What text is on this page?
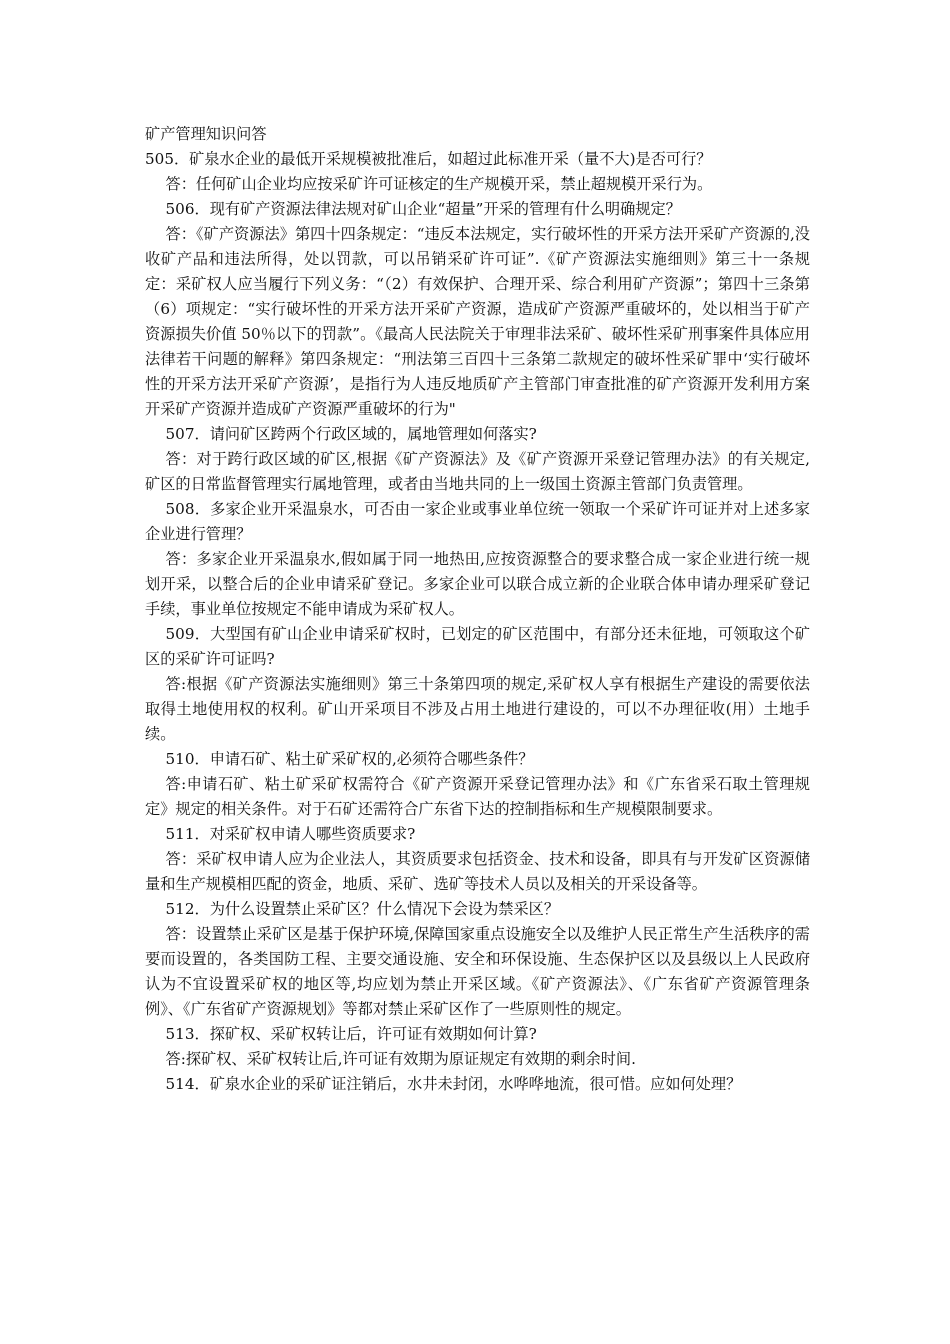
矿产管理知识问答

505．矿泉水企业的最低开采规模被批准后，如超过此标准开采（量不大)是否可行？

答：任何矿山企业均应按采矿许可证核定的生产规模开采，禁止超规模开采行为。

506．现有矿产资源法律法规对矿山企业“超量”开采的管理有什么明确规定？

答：《矿产资源法》第四十四条规定：“违反本法规定，实行破坏性的开采方法开采矿产资源的,没收矿产品和违法所得，处以罚款，可以吊销采矿许可证”.《矿产资源法实施细则》第三十一条规定：采矿权人应当履行下列义务：“（2）有效保护、合理开采、综合利用矿产资源”；第四十三条第（6）项规定：“实行破坏性的开采方法开采矿产资源，造成矿产资源严重破坏的，处以相当于矿产资源损失价值 50％以下的罚款”。《最高人民法院关于审理非法采矿、破坏性采矿刑事案件具体应用法律若干问题的解释》第四条规定：“刑法第三百四十三条第二款规定的破坏性采矿罪中‘实行破坏性的开采方法开采矿产资源’，是指行为人违反地质矿产主管部门审查批准的矿产资源开发利用方案开采矿产资源并造成矿产资源严重破坏的行为"

507．请问矿区跨两个行政区域的，属地管理如何落实?

答：对于跨行政区域的矿区,根据《矿产资源法》及《矿产资源开采登记管理办法》的有关规定,矿区的日常监督管理实行属地管理，或者由当地共同的上一级国土资源主管部门负责管理。

508．多家企业开采温泉水，可否由一家企业或事业单位统一领取一个采矿许可证并对上述多家企业进行管理？

答：多家企业开采温泉水,假如属于同一地热田,应按资源整合的要求整合成一家企业进行统一规划开采，以整合后的企业申请采矿登记。多家企业可以联合成立新的企业联合体申请办理采矿登记手续，事业单位按规定不能申请成为采矿权人。

509．大型国有矿山企业申请采矿权时，已划定的矿区范围中，有部分还未征地，可领取这个矿区的采矿许可证吗?

答:根据《矿产资源法实施细则》第三十条第四项的规定,采矿权人享有根据生产建设的需要依法取得土地使用权的权利。矿山开采项目不涉及占用土地进行建设的，可以不办理征收(用）土地手续。

510．申请石矿、粘土矿采矿权的,必须符合哪些条件？

答:申请石矿、粘土矿采矿权需符合《矿产资源开采登记管理办法》和《广东省采石取土管理规定》规定的相关条件。对于石矿还需符合广东省下达的控制指标和生产规模限制要求。

511．对采矿权申请人哪些资质要求?

答：采矿权申请人应为企业法人，其资质要求包括资金、技术和设备，即具有与开发矿区资源储量和生产规模相匹配的资金，地质、采矿、选矿等技术人员以及相关的开采设备等。

512．为什么设置禁止采矿区？什么情况下会设为禁采区？

答：设置禁止采矿区是基于保护环境,保障国家重点设施安全以及维护人民正常生产生活秩序的需要而设置的，各类国防工程、主要交通设施、安全和环保设施、生态保护区以及县级以上人民政府认为不宜设置采矿权的地区等,均应划为禁止开采区域。《矿产资源法》、《广东省矿产资源管理条例》、《广东省矿产资源规划》等都对禁止采矿区作了一些原则性的规定。

513．探矿权、采矿权转让后，许可证有效期如何计算?

答:探矿权、采矿权转让后,许可证有效期为原证规定有效期的剩余时间.

514．矿泉水企业的采矿证注销后，水井未封闭，水哗哗地流，很可惜。应如何处理？
